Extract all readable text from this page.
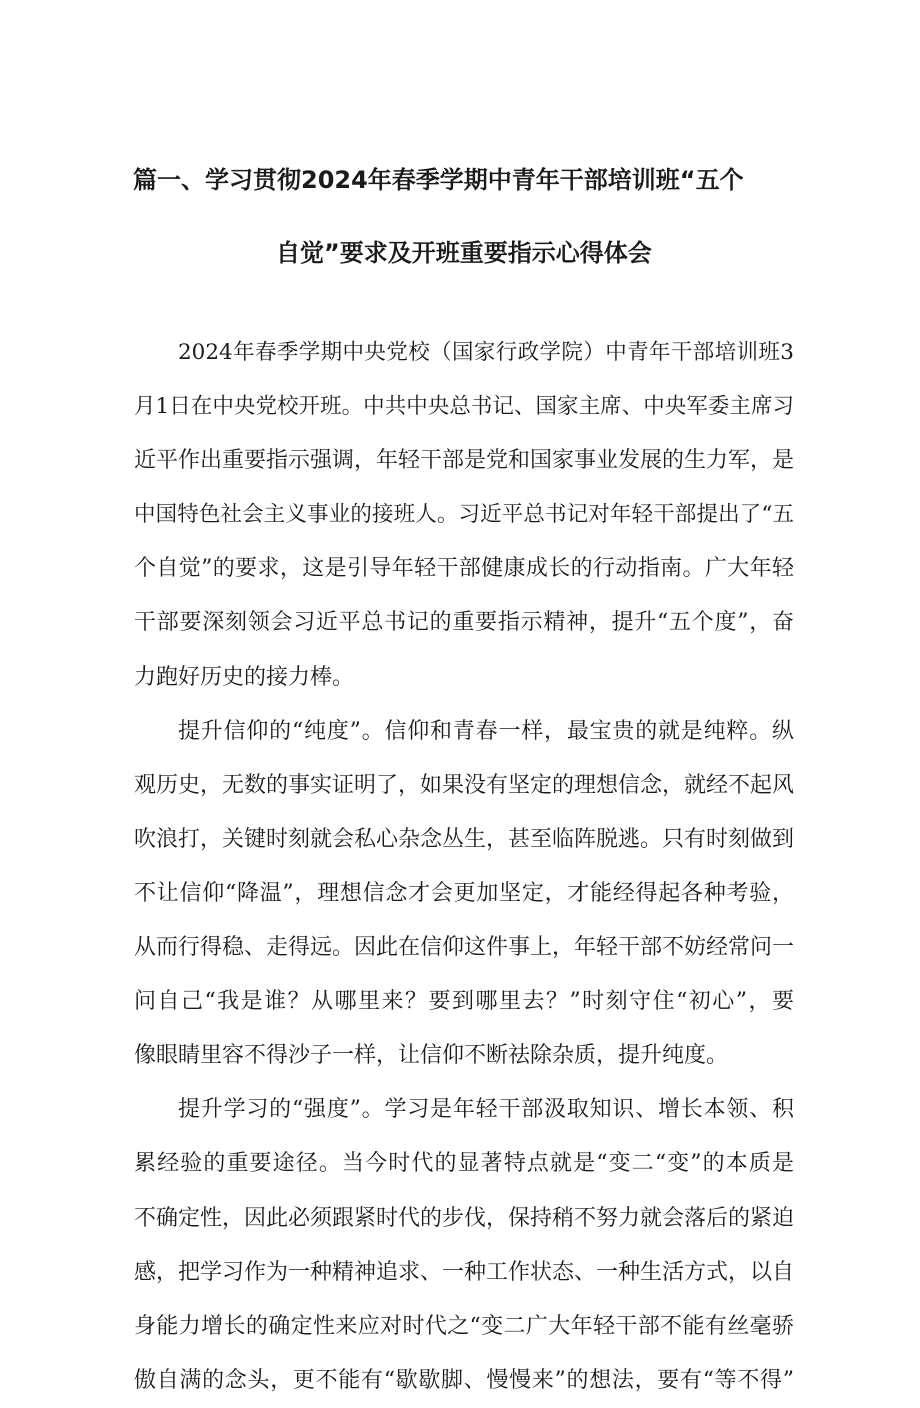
篇一、学习贯彻2024年春季学期中青年干部培训班“五个
自觉”要求及开班重要指示心得体会
2024年春季学期中央党校（国家行政学院）中青年干部培训班3
月1日在中央党校开班。中共中央总书记、国家主席、中央军委主席习
近平作出重要指示强调，年轻干部是党和国家事业发展的生力军，是
中国特色社会主义事业的接班人。习近平总书记对年轻干部提出了“五
个自觉”的要求，这是引导年轻干部健康成长的行动指南。广大年轻
干部要深刻领会习近平总书记的重要指示精神，提升“五个度”，奋
力跑好历史的接力棒。
提升信仰的“纯度”。信仰和青春一样，最宝贵的就是纯粹。纵
观历史，无数的事实证明了，如果没有坚定的理想信念，就经不起风
吹浪打，关键时刻就会私心杂念丛生，甚至临阵脱逃。只有时刻做到
不让信仰“降温”，理想信念才会更加坚定，才能经得起各种考验，
从而行得稳、走得远。因此在信仰这件事上，年轻干部不妨经常问一
问自己“我是谁？从哪里来？要到哪里去？”时刻守住“初心”，要
像眼睛里容不得沙子一样，让信仰不断祛除杂质，提升纯度。
提升学习的“强度”。学习是年轻干部汲取知识、增长本领、积
累经验的重要途径。当今时代的显著特点就是“变二“变”的本质是
不确定性，因此必须跟紧时代的步伐，保持稍不努力就会落后的紧迫
感，把学习作为一种精神追求、一种工作状态、一种生活方式，以自
身能力增长的确定性来应对时代之“变二广大年轻干部不能有丝毫骄
傲自满的念头，更不能有“歇歇脚、慢慢来”的想法，要有“等不得”
